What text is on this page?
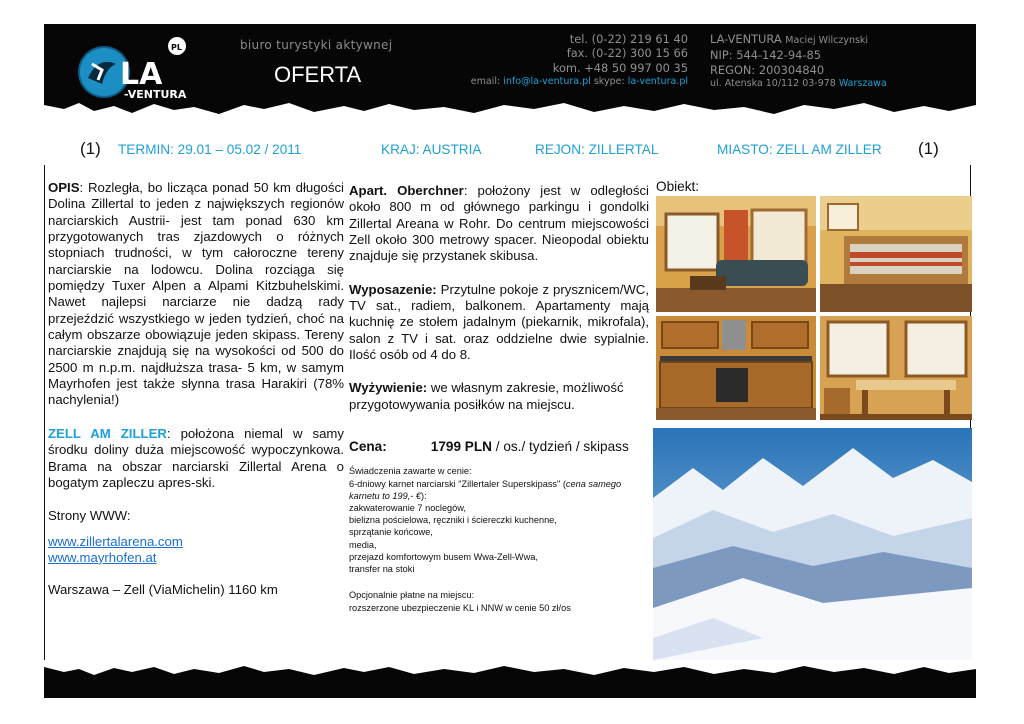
LA
-VENTURA
PL	biuro turystyki aktywnej
OFERTA
tel. (0-22) 219 61 40
fax. (0-22) 300 15 66
kom. +48 50 997 00 35
email: info@la-ventura.pl skype: la-ventura.pl
LA-VENTURA Maciej Wilczynski
NIP: 544-142-94-85
REGON: 200304840
ul. Atenska 10/112 03-978 Warszawa
(1) TERMIN: 29.01 – 05.02 / 2011	KRAJ: AUSTRIA	REJON: ZILLERTAL	MIASTO: ZELL AM ZILLER (1)

OPIS: Rozległa, bo licząca ponad 50 km długości Dolina Zillertal to jeden z największych regionów narciarskich Austrii- jest tam ponad 630 km przygotowanych tras zjazdowych o różnych stopniach trudności, w tym całoroczne tereny narciarskie na lodowcu. Dolina rozciąga się pomiędzy Tuxer Alpen a Alpami Kitzbuhelskimi. Nawet najlepsi narciarze nie dadzą rady przejeździć wszystkiego w jeden tydzień, choć na całym obszarze obowiązuje jeden skipass. Tereny narciarskie znajdują się na wysokości od 500 do 2500 m n.p.m. najdłuższa trasa- 5 km, w samym Mayrhofen jest także słynna trasa Harakiri (78% nachylenia!)

ZELL AM ZILLER: położona niemal w samy środku doliny duża miejscowość wypoczynkowa. Brama na obszar narciarski Zillertal Arena o bogatym zapleczu apres-ski.

Strony WWW:

www.zillertalarena.com
www.mayrhofen.at

Warszawa – Zell (ViaMichelin) 1160 km

Apart. Oberchner: położony jest w odległości około 800 m od głównego parkingu i gondolki Zillertal Areana w Rohr. Do centrum miejscowości Zell około 300 metrowy spacer. Nieopodal obiektu znajduje się przystanek skibusa.

Wyposazenie: Przytulne pokoje z prysznicem/WC, TV sat., radiem, balkonem. Apartamenty mają kuchnię ze stołem jadalnym (piekarnik, mikrofala), salon z TV i sat. oraz oddzielne dwie sypialnie. Ilość osób od 4 do 8.

Wyżywienie: we własnym zakresie, możliwość przygotowywania posiłków na miejscu.

Cena:	1799 PLN / os./ tydzień / skipass

Świadczenia zawarte w cenie:
6-dniowy karnet narciarski "Zillertaler Superskipass" (cena samego karnetu to 199,- €):
zakwaterowanie 7 noclegów,
bielizna pościelowa, ręczniki i ściereczki kuchenne,
sprzątanie końcowe,
media,
przejazd komfortowym busem Wwa-Zell-Wwa,
transfer na stoki
Opcjonalnie płatne na miejscu:
rozszerzone ubezpieczenie KL i NNW w cenie 50 zł/os
Obiekt:
